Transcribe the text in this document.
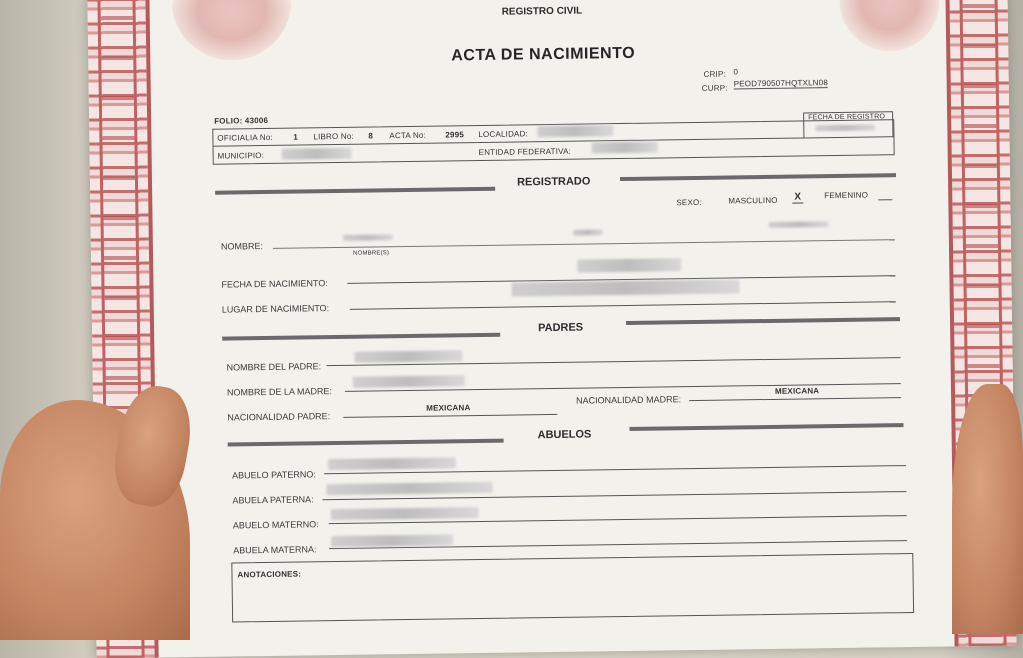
REGISTRO CIVIL
ACTA DE NACIMIENTO
CRIP: 0
CURP: PEOD790507HQTXLN08
FOLIO: 43006
OFICIALIA No:	1 LIBRO No: 8 ACTA No: 2995 LOCALIDAD:
FECHA DE REGISTRO
MUNICIPIO:	ENTIDAD FEDERATIVA:
REGISTRADO
SEXO:	MASCULINO X	FEMENINO
NOMBRE:
NOMBRE(S)
FECHA DE NACIMIENTO:
LUGAR DE NACIMIENTO:
PADRES
NOMBRE DEL PADRE:
NOMBRE DE LA MADRE:
NACIONALIDAD PADRE:
MEXICANA
NACIONALIDAD MADRE:
MEXICANA
ABUELOS
ABUELO PATERNO:
ABUELA PATERNA:
ABUELO MATERNO:
ABUELA MATERNA:
ANOTACIONES:
